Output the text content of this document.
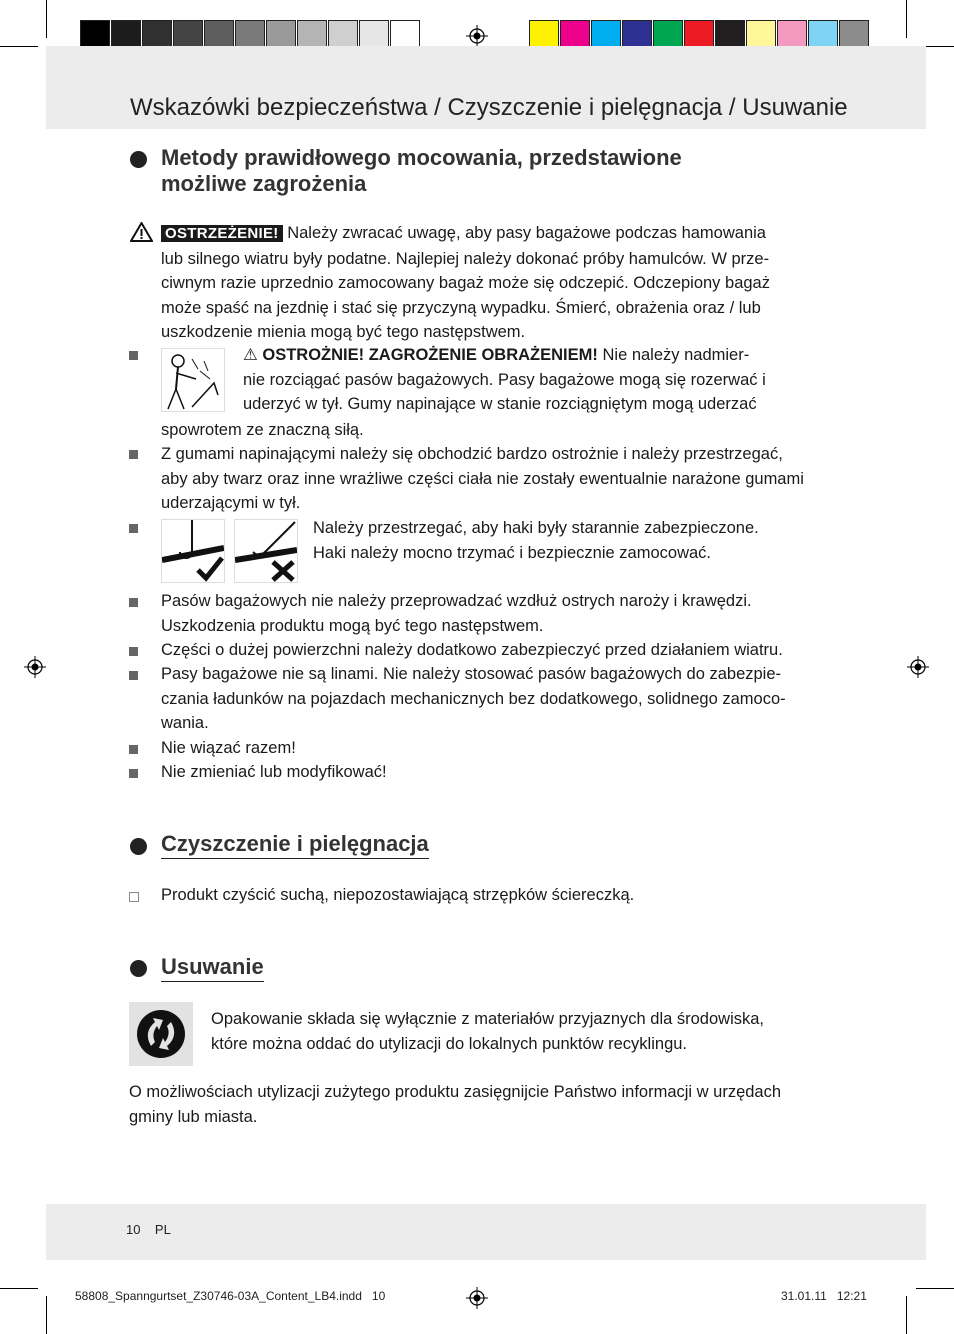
Wskazówki bezpieczeństwa / Czyszczenie i pielęgnacja / Usuwanie
Metody prawidłowego mocowania, przedstawione
możliwe zagrożenia
OSTRZEŻENIE! Należy zwracać uwagę, aby pasy bagażowe podczas hamowania
lub silnego wiatru były podatne. Najlepiej należy dokonać próby hamulców. W prze-
ciwnym razie uprzednio zamocowany bagaż może się odczepić. Odczepiony bagaż
może spaść na jezdnię i stać się przyczyną wypadku. Śmierć, obrażenia oraz / lub
uszkodzenie mienia mogą być tego następstwem.
⚠ OSTROŻNIE! ZAGROŻENIE OBRAŻENIEM! Nie należy nadmier-
nie rozciągać pasów bagażowych. Pasy bagażowe mogą się rozerwać i
uderzyć w tył. Gumy napinające w stanie rozciągniętym mogą uderzać
spowrotem ze znaczną siłą.
Z gumami napinającymi należy się obchodzić bardzo ostrożnie i należy przestrzegać,
aby aby twarz oraz inne wrażliwe części ciała nie zostały ewentualnie narażone gumami
uderzającymi w tył.
Należy przestrzegać, aby haki były starannie zabezpieczone.
Haki należy mocno trzymać i bezpiecznie zamocować.
Pasów bagażowych nie należy przeprowadzać wzdłuż ostrych naroży i krawędzi.
Uszkodzenia produktu mogą być tego następstwem.
Części o dużej powierzchni należy dodatkowo zabezpieczyć przed działaniem wiatru.
Pasy bagażowe nie są linami. Nie należy stosować pasów bagażowych do zabezpie-
czania ładunków na pojazdach mechanicznych bez dodatkowego, solidnego zamoco-
wania.
Nie wiązać razem!
Nie zmieniać lub modyfikować!
Czyszczenie i pielęgnacja
Produkt czyścić suchą, niepozostawiającą strzępków ściereczką.
Usuwanie
Opakowanie składa się wyłącznie z materiałów przyjaznych dla środowiska,
które można oddać do utylizacji do lokalnych punktów recyklingu.
O możliwościach utylizacji zużytego produktu zasięgnijcie Państwo informacji w urzędach
gminy lub miasta.
10 PL
58808_Spanngurtset_Z30746-03A_Content_LB4.indd 10	31.01.11 12:21
